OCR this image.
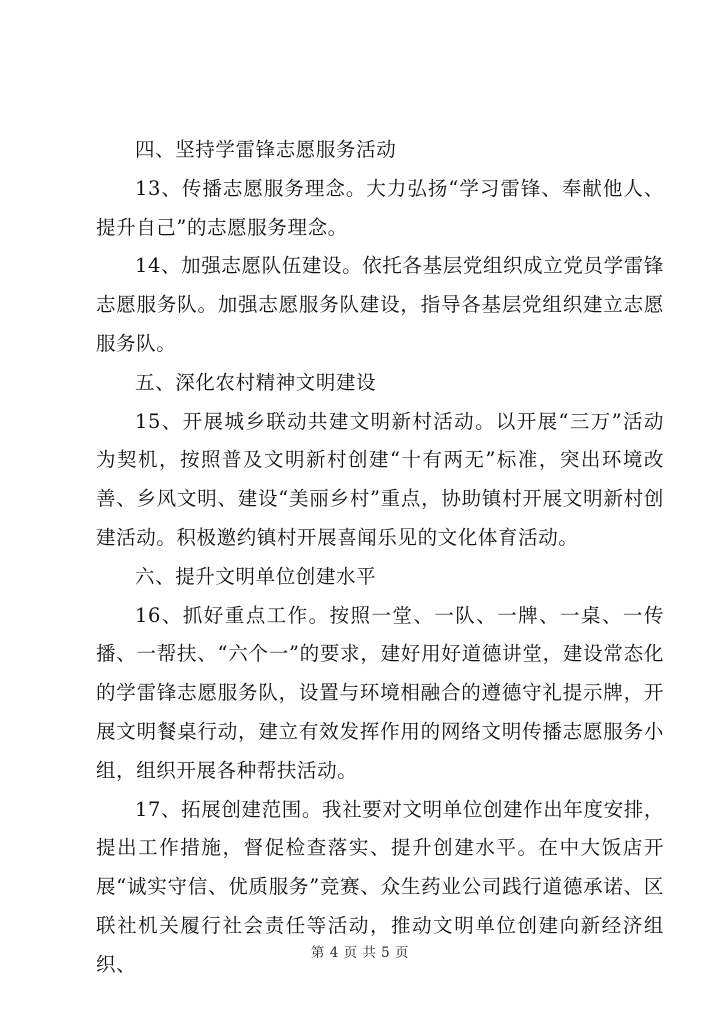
四、坚持学雷锋志愿服务活动

13、传播志愿服务理念。大力弘扬“学习雷锋、奉献他人、提升自己”的志愿服务理念。

14、加强志愿队伍建设。依托各基层党组织成立党员学雷锋志愿服务队。加强志愿服务队建设，指导各基层党组织建立志愿服务队。

五、深化农村精神文明建设

15、开展城乡联动共建文明新村活动。以开展“三万”活动为契机，按照普及文明新村创建“十有两无”标准，突出环境改善、乡风文明、建设“美丽乡村”重点，协助镇村开展文明新村创建活动。积极邀约镇村开展喜闻乐见的文化体育活动。

六、提升文明单位创建水平

16、抓好重点工作。按照一堂、一队、一牌、一桌、一传播、一帮扶、“六个一”的要求，建好用好道德讲堂，建设常态化的学雷锋志愿服务队，设置与环境相融合的遵德守礼提示牌，开展文明餐桌行动，建立有效发挥作用的网络文明传播志愿服务小组，组织开展各种帮扶活动。

17、拓展创建范围。我社要对文明单位创建作出年度安排，提出工作措施，督促检查落实、提升创建水平。在中大饭店开展“诚实守信、优质服务”竞赛、众生药业公司践行道德承诺、区联社机关履行社会责任等活动，推动文明单位创建向新经济组织、	第 4 页 共 5 页
